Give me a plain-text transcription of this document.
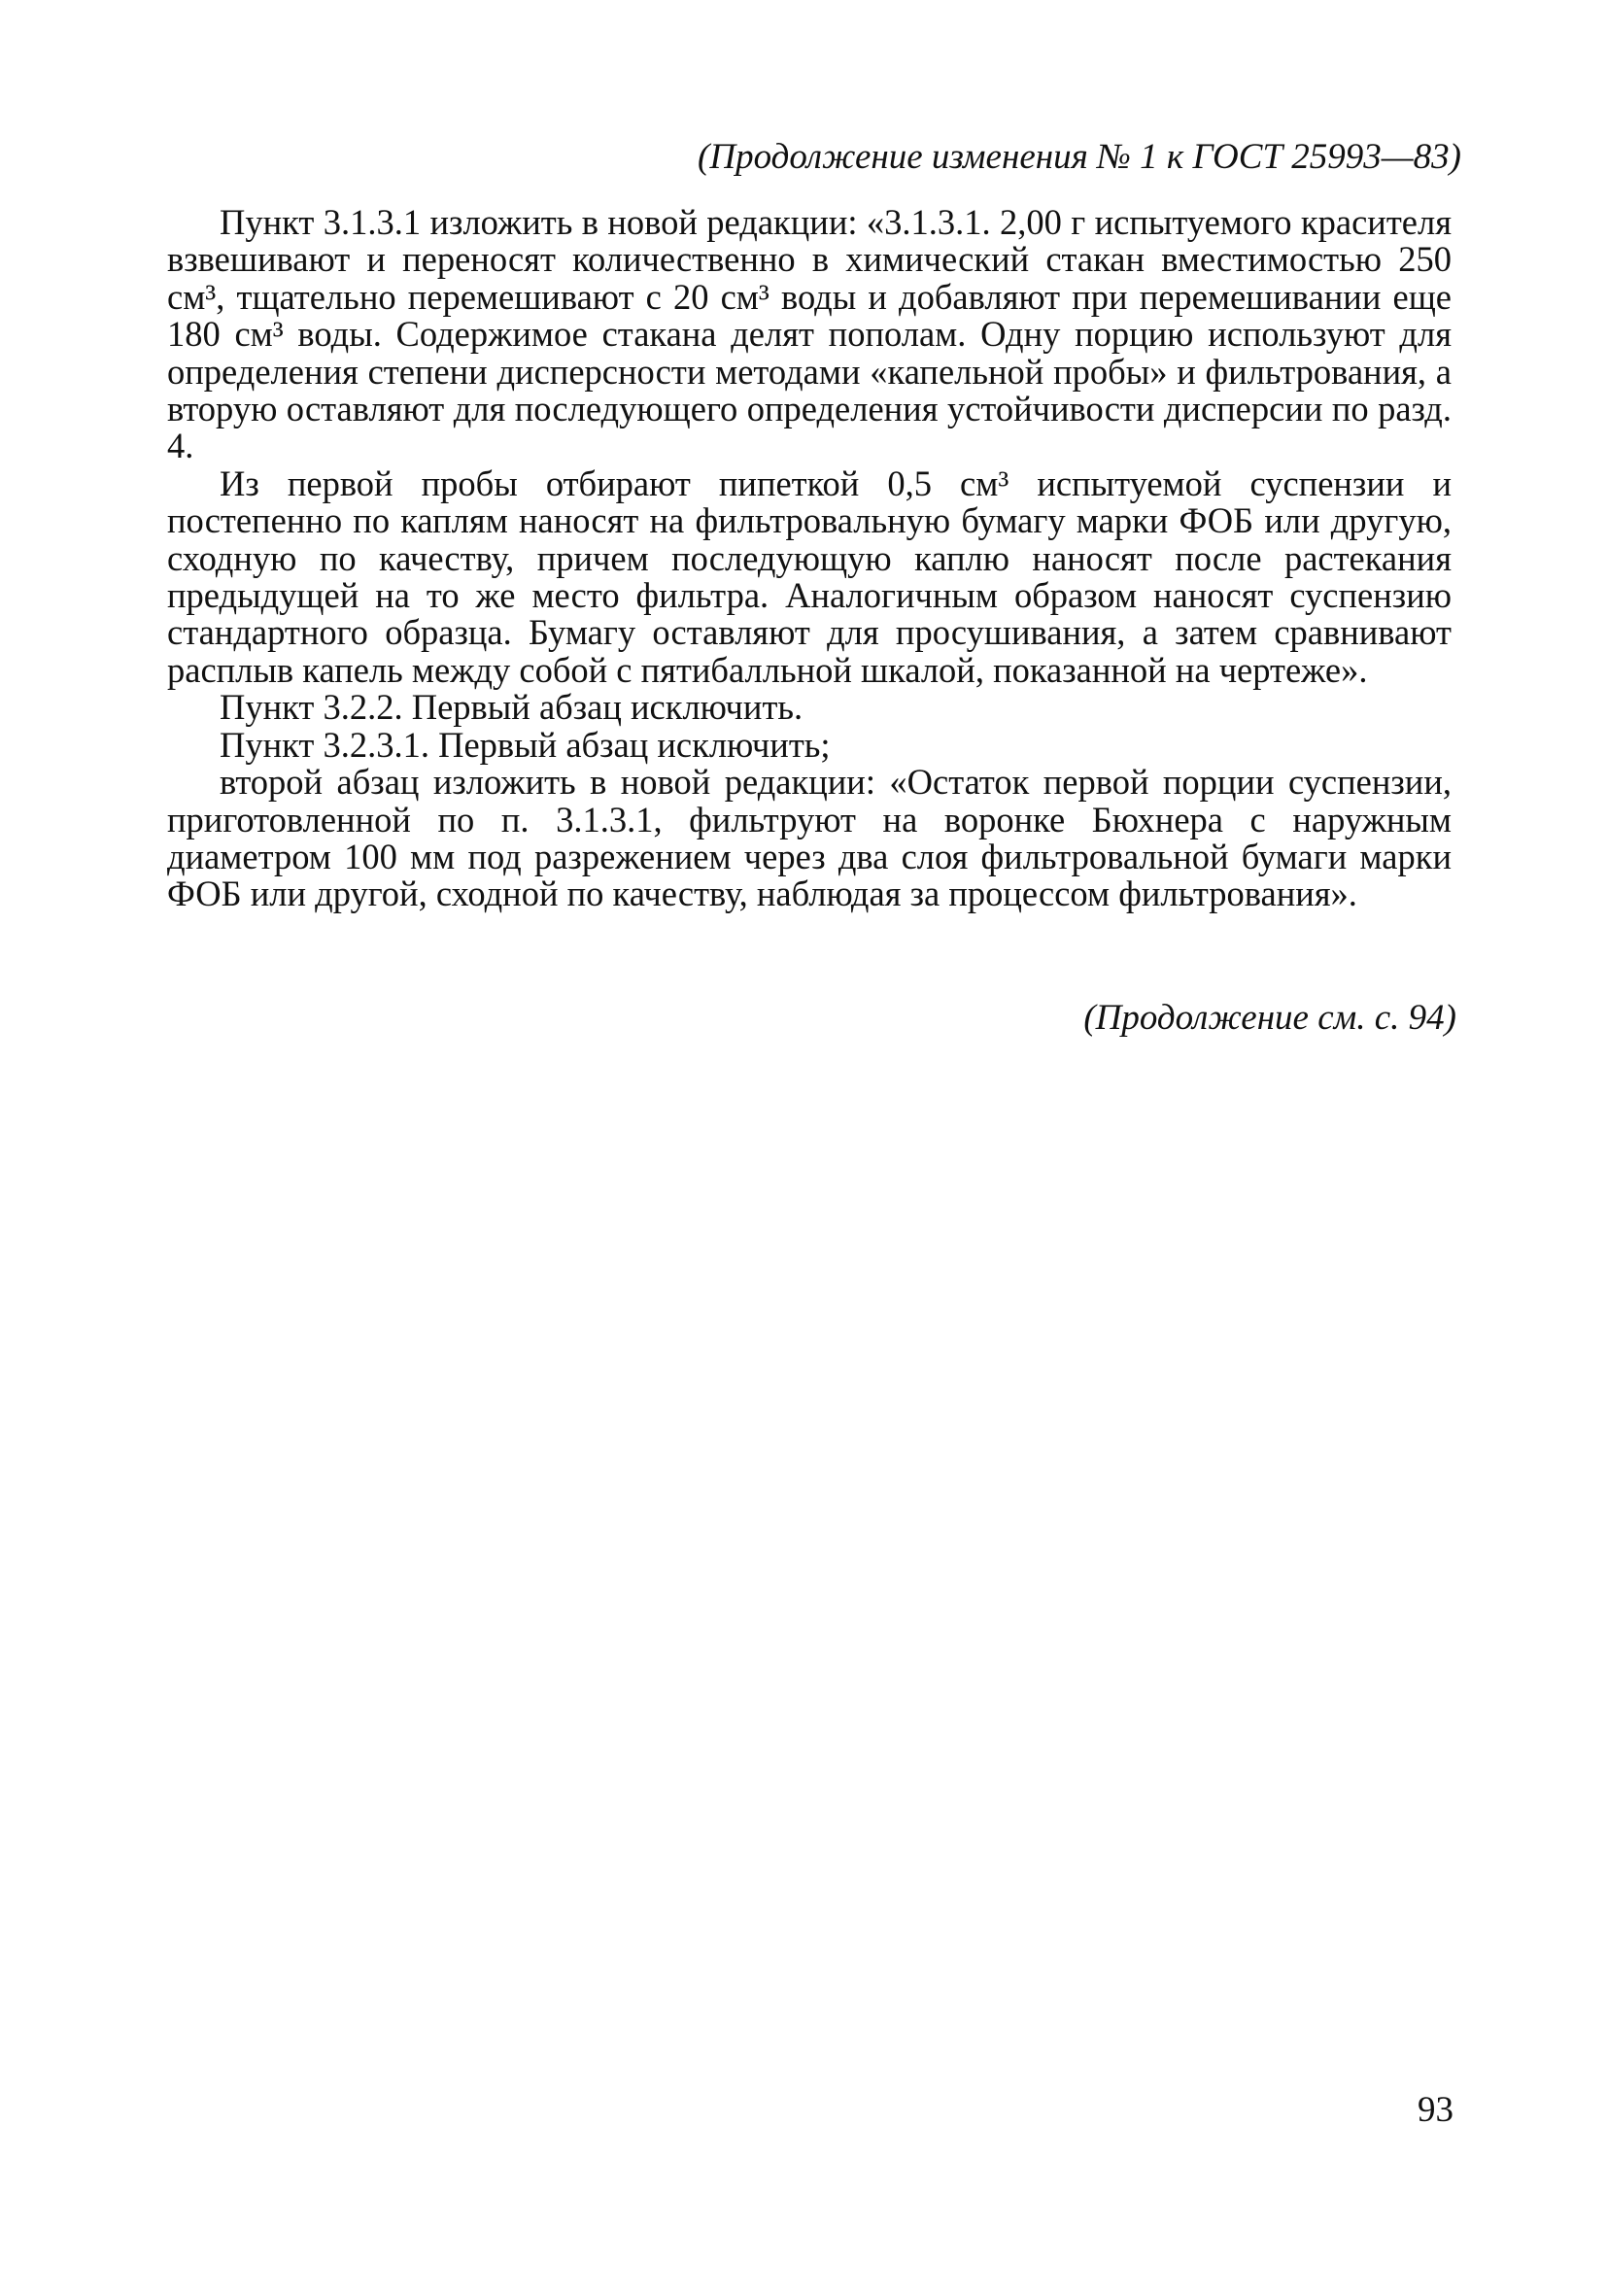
(Продолжение изменения № 1 к ГОСТ 25993—83)

Пункт 3.1.3.1 изложить в новой редакции: «3.1.3.1. 2,00 г испытуемого красителя взвешивают и переносят количественно в химический стакан вместимостью 250 см³, тщательно перемешивают с 20 см³ воды и добавляют при перемешивании еще 180 см³ воды. Содержимое стакана делят пополам. Одну порцию используют для определения степени дисперсности методами «капельной пробы» и фильтрования, а вторую оставляют для последующего определения устойчивости дисперсии по разд. 4.

Из первой пробы отбирают пипеткой 0,5 см³ испытуемой суспензии и постепенно по каплям наносят на фильтровальную бумагу марки ФОБ или другую, сходную по качеству, причем последующую каплю наносят после растекания предыдущей на то же место фильтра. Аналогичным образом наносят суспензию стандартного образца. Бумагу оставляют для просушивания, а затем сравнивают расплыв капель между собой с пятибалльной шкалой, показанной на чертеже».

Пункт 3.2.2. Первый абзац исключить.

Пункт 3.2.3.1. Первый абзац исключить;

второй абзац изложить в новой редакции: «Остаток первой порции суспензии, приготовленной по п. 3.1.3.1, фильтруют на воронке Бюхнера с наружным диаметром 100 мм под разрежением через два слоя фильтровальной бумаги марки ФОБ или другой, сходной по качеству, наблюдая за процессом фильтрования».

(Продолжение см. с. 94)
93
